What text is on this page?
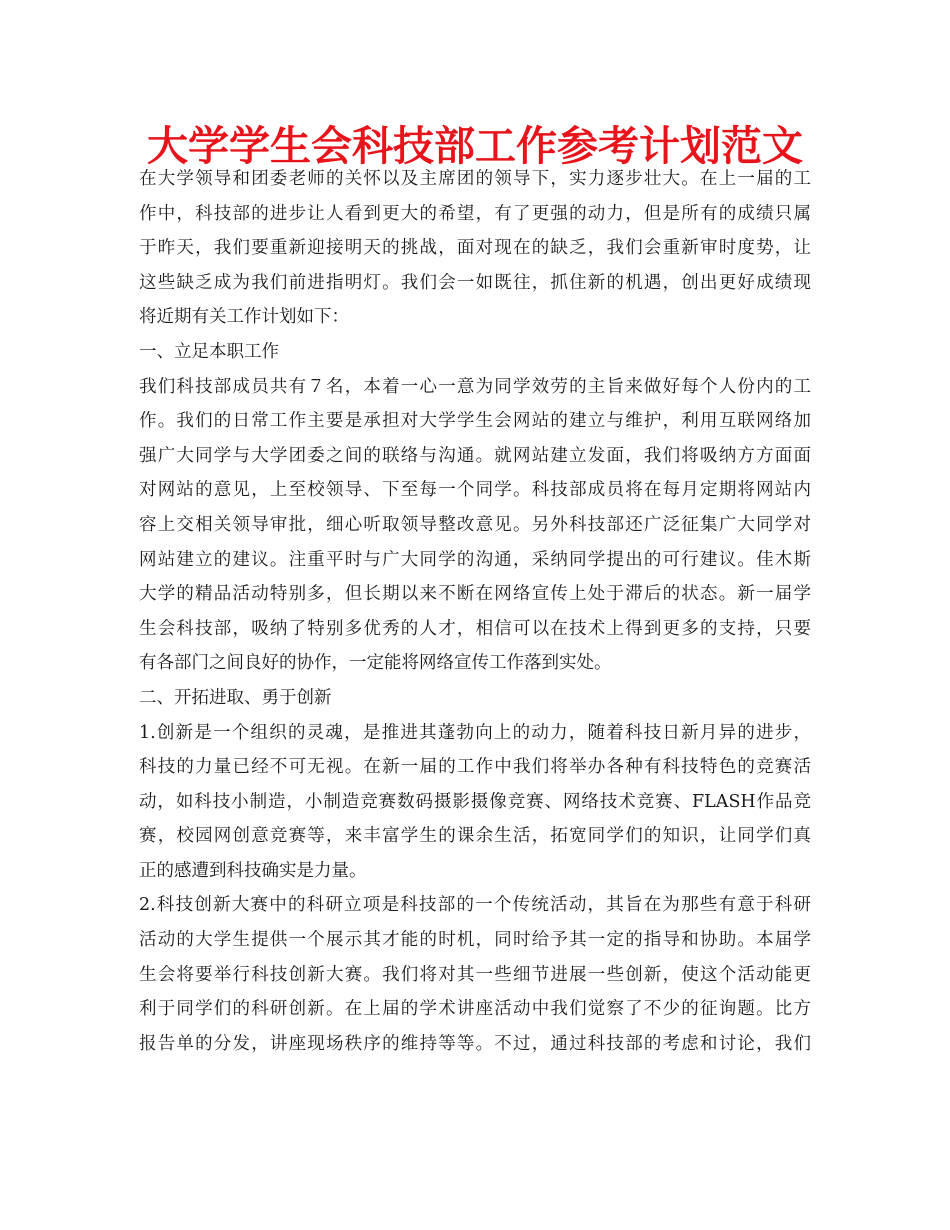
大学学生会科技部工作参考计划范文
在大学领导和团委老师的关怀以及主席团的领导下，实力逐步壮大。在上一届的工
作中，科技部的进步让人看到更大的希望，有了更强的动力，但是所有的成绩只属
于昨天，我们要重新迎接明天的挑战，面对现在的缺乏，我们会重新审时度势，让
这些缺乏成为我们前进指明灯。我们会一如既往，抓住新的机遇，创出更好成绩现
将近期有关工作计划如下：
一、立足本职工作
我们科技部成员共有７名，本着一心一意为同学效劳的主旨来做好每个人份内的工
作。我们的日常工作主要是承担对大学学生会网站的建立与维护，利用互联网络加
强广大同学与大学团委之间的联络与沟通。就网站建立发面，我们将吸纳方方面面
对网站的意见，上至校领导、下至每一个同学。科技部成员将在每月定期将网站内
容上交相关领导审批，细心听取领导整改意见。另外科技部还广泛征集广大同学对
网站建立的建议。注重平时与广大同学的沟通，采纳同学提出的可行建议。佳木斯
大学的精品活动特别多，但长期以来不断在网络宣传上处于滞后的状态。新一届学
生会科技部，吸纳了特别多优秀的人才，相信可以在技术上得到更多的支持，只要
有各部门之间良好的协作，一定能将网络宣传工作落到实处。
二、开拓进取、勇于创新
1.创新是一个组织的灵魂，是推进其蓬勃向上的动力，随着科技日新月异的进步，
科技的力量已经不可无视。在新一届的工作中我们将举办各种有科技特色的竞赛活
动，如科技小制造，小制造竞赛数码摄影摄像竞赛、网络技术竞赛、FLASH作品竞
赛，校园网创意竞赛等，来丰富学生的课余生活，拓宽同学们的知识，让同学们真
正的感遭到科技确实是力量。
2.科技创新大赛中的科研立项是科技部的一个传统活动，其旨在为那些有意于科研
活动的大学生提供一个展示其才能的时机，同时给予其一定的指导和协助。本届学
生会将要举行科技创新大赛。我们将对其一些细节进展一些创新，使这个活动能更
利于同学们的科研创新。在上届的学术讲座活动中我们觉察了不少的征询题。比方
报告单的分发，讲座现场秩序的维持等等。不过，通过科技部的考虑和讨论，我们
